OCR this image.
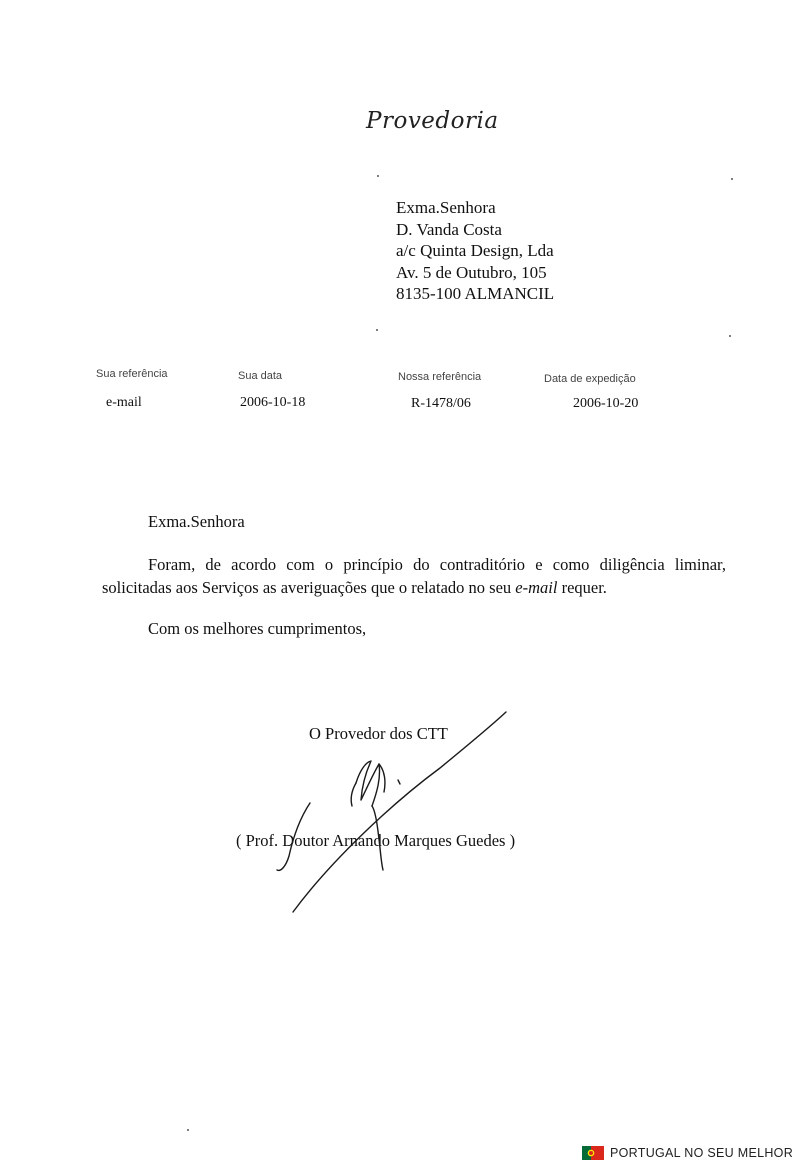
Provedoria
Exma.Senhora
D. Vanda Costa
a/c Quinta Design, Lda
Av. 5 de Outubro, 105
8135-100 ALMANCIL
Sua referência
e-mail
Sua data
2006-10-18
Nossa referência
R-1478/06
Data de expedição
2006-10-20
Exma.Senhora
Foram, de acordo com o princípio do contraditório e como diligência liminar, solicitadas aos Serviços as averiguações que o relatado no seu e-mail requer.
Com os melhores cumprimentos,
O Provedor dos CTT
( Prof. Doutor Arnando Marques Guedes )
PORTUGAL NO SEU MELHOR
